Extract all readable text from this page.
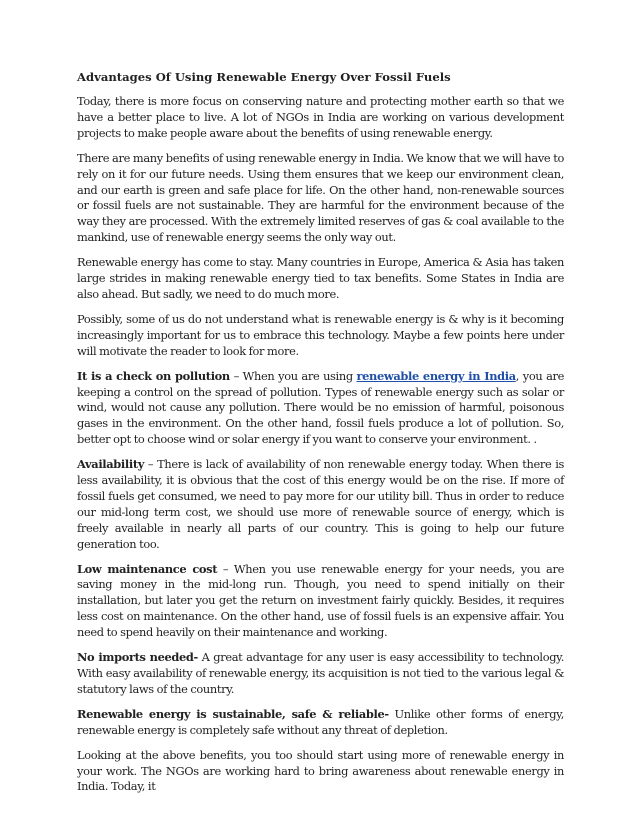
Advantages Of Using Renewable Energy Over Fossil Fuels

Today, there is more focus on conserving nature and protecting mother earth so that we have a better place to live. A lot of NGOs in India are working on various development projects to make people aware about the benefits of using renewable energy.

There are many benefits of using renewable energy in India. We know that we will have to rely on it for our future needs. Using them ensures that we keep our environment clean, and our earth is green and safe place for life. On the other hand, non-renewable sources or fossil fuels are not sustainable. They are harmful for the environment because of the way they are processed. With the extremely limited reserves of gas & coal available to the mankind, use of renewable energy seems the only way out.

Renewable energy has come to stay. Many countries in Europe, America & Asia has taken large strides in making renewable energy tied to tax benefits. Some States in India are also ahead. But sadly, we need to do much more.

Possibly, some of us do not understand what is renewable energy is & why is it becoming increasingly important for us to embrace this technology. Maybe a few points here under will motivate the reader to look for more.

It is a check on pollution – When you are using renewable energy in India, you are keeping a control on the spread of pollution. Types of renewable energy such as solar or wind, would not cause any pollution. There would be no emission of harmful, poisonous gases in the environment. On the other hand, fossil fuels produce a lot of pollution. So, better opt to choose wind or solar energy if you want to conserve your environment. .

Availability – There is lack of availability of non renewable energy today. When there is less availability, it is obvious that the cost of this energy would be on the rise. If more of fossil fuels get consumed, we need to pay more for our utility bill. Thus in order to reduce our mid-long term cost, we should use more of renewable source of energy, which is freely available in nearly all parts of our country. This is going to help our future generation too.

Low maintenance cost – When you use renewable energy for your needs, you are saving money in the mid-long run. Though, you need to spend initially on their installation, but later you get the return on investment fairly quickly. Besides, it requires less cost on maintenance. On the other hand, use of fossil fuels is an expensive affair. You need to spend heavily on their maintenance and working.

No imports needed- A great advantage for any user is easy accessibility to technology. With easy availability of renewable energy, its acquisition is not tied to the various legal & statutory laws of the country.

Renewable energy is sustainable, safe & reliable- Unlike other forms of energy, renewable energy is completely safe without any threat of depletion.

Looking at the above benefits, you too should start using more of renewable energy in your work. The NGOs are working hard to bring awareness about renewable energy in India. Today, it
